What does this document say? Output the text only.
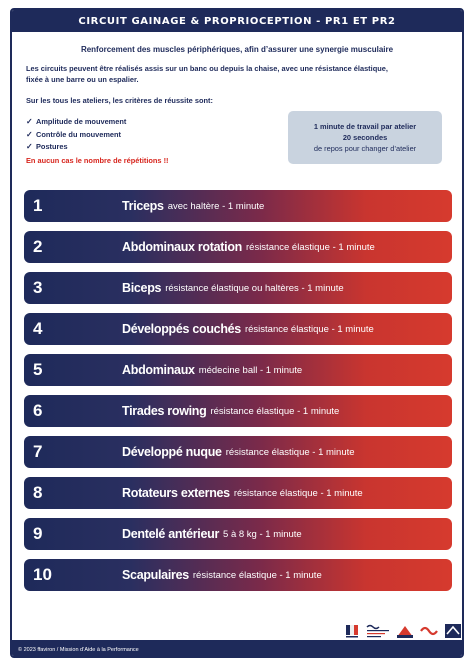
CIRCUIT GAINAGE & PROPRIOCEPTION - PR1 ET PR2
Renforcement des muscles périphériques, afin d’assurer une synergie musculaire
Les circuits peuvent être réalisés assis sur un banc ou depuis la chaise, avec une résistance élastique,
fixée à une barre ou un espalier.
Sur les tous les ateliers, les critères de réussite sont:
✓ Amplitude de mouvement
✓ Contrôle du mouvement
✓ Postures
En aucun cas le nombre de répétitions !!
1 minute de travail par atelier
20 secondes
de repos pour changer d’atelier
1	Triceps avec haltère - 1 minute
2	Abdominaux rotation résistance élastique - 1 minute
3	Biceps résistance élastique ou haltères - 1 minute
4	Développés couchés résistance élastique - 1 minute
5	Abdominaux médecine ball - 1 minute
6	Tirades rowing résistance élastique - 1 minute
7	Développé nuque résistance élastique - 1 minute
8	Rotateurs externes résistance élastique - 1 minute
9	Dentelé antérieur 5 à 8 kg - 1 minute
10	Scapulaires résistance élastique - 1 minute
© 2023 ffaviron / Mission d’Aide à la Performance
